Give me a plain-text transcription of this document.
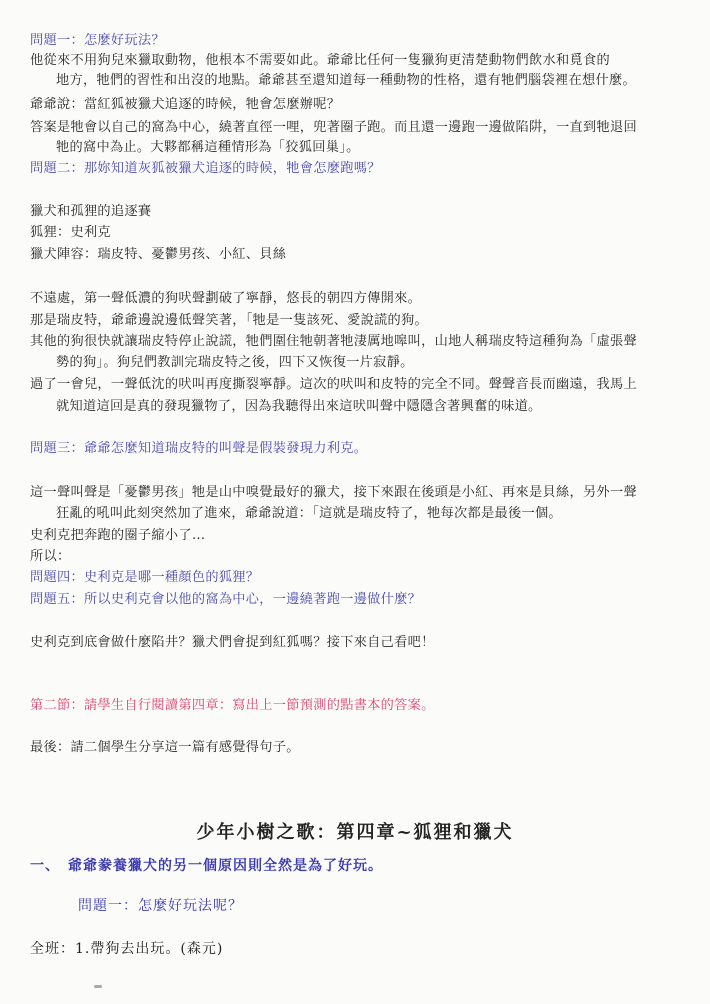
問題一：怎麼好玩法？
他從來不用狗兒來獵取動物，他根本不需要如此。爺爺比任何一隻獵狗更清楚動物們飲水和覓食的
地方，牠們的習性和出沒的地點。爺爺甚至還知道每一種動物的性格，還有牠們腦袋裡在想什麼。
爺爺說：當紅狐被獵犬追逐的時候，牠會怎麼辦呢？
答案是牠會以自己的窩為中心，繞著直徑一哩，兜著圈子跑。而且還一邊跑一邊做陷阱，一直到牠退回
牠的窩中為止。大夥都稱這種情形為「狡狐回巢」。
問題二：那妳知道灰狐被獵犬追逐的時候，牠會怎麼跑嗎？
獵犬和孤狸的追逐賽
狐狸：史利克
獵犬陣容：瑞皮特、憂鬱男孩、小紅、貝絲
不遠處，第一聲低濃的狗吠聲劃破了寧靜，悠長的朝四方傳開來。
那是瑞皮特，爺爺邊說邊低聲笑著，「牠是一隻該死、愛說謊的狗。
其他的狗很快就讓瑞皮特停止說謊，牠們圍住牠朝著牠淒厲地嗥叫，山地人稱瑞皮特這種狗為「虛張聲
勢的狗」。狗兒們教訓完瑞皮特之後，四下又恢復一片寂靜。
過了一會兒，一聲低沈的吠叫再度撕裂寧靜。這次的吠叫和皮特的完全不同。聲聲音長而幽遠，我馬上
就知道這回是真的發現獵物了，因為我聽得出來這吠叫聲中隱隱含著興奮的味道。
問題三：爺爺怎麼知道瑞皮特的叫聲是假裝發現力利克。
這一聲叫聲是「憂鬱男孩」牠是山中嗅覺最好的獵犬，接下來跟在後頭是小紅、再來是貝絲，另外一聲
狂亂的吼叫此刻突然加了進來，爺爺說道：「這就是瑞皮特了，牠每次都是最後一個。
史利克把奔跑的圈子縮小了…
所以：
問題四：史利克是哪一種顏色的狐狸？
問題五：所以史利克會以他的窩為中心，一邊繞著跑一邊做什麼？
史利克到底會做什麼陷井？獵犬們會捉到紅狐嗎？接下來自己看吧！
第二節：請學生自行閱讀第四章：寫出上一節預測的點書本的答案。
最後：請二個學生分享這一篇有感覺得句子。
少年小樹之歌：第四章~狐狸和獵犬
一、 爺爺豢養獵犬的另一個原因則全然是為了好玩。
問題一：怎麼好玩法呢？
全班：1.帶狗去出玩。(森元)
